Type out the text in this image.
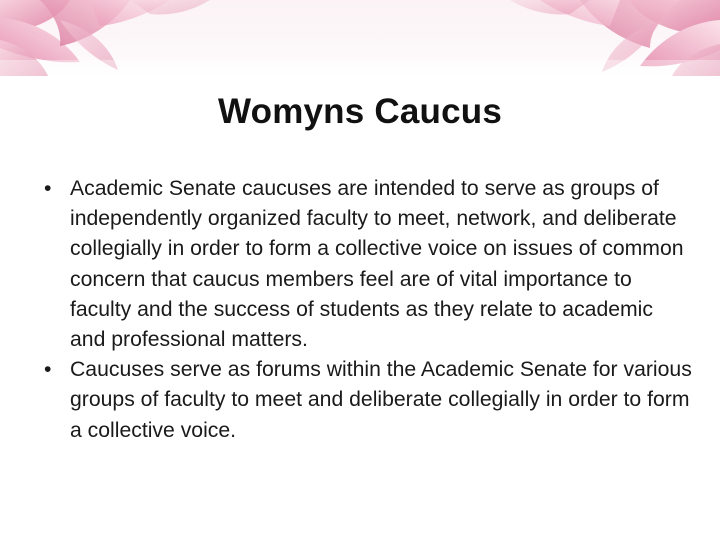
Womyns Caucus
• Academic Senate caucuses are intended to serve as groups of independently organized faculty to meet, network, and deliberate collegially in order to form a collective voice on issues of common concern that caucus members feel are of vital importance to faculty and the success of students as they relate to academic and professional matters.
• Caucuses serve as forums within the Academic Senate for various groups of faculty to meet and deliberate collegially in order to form a collective voice.
